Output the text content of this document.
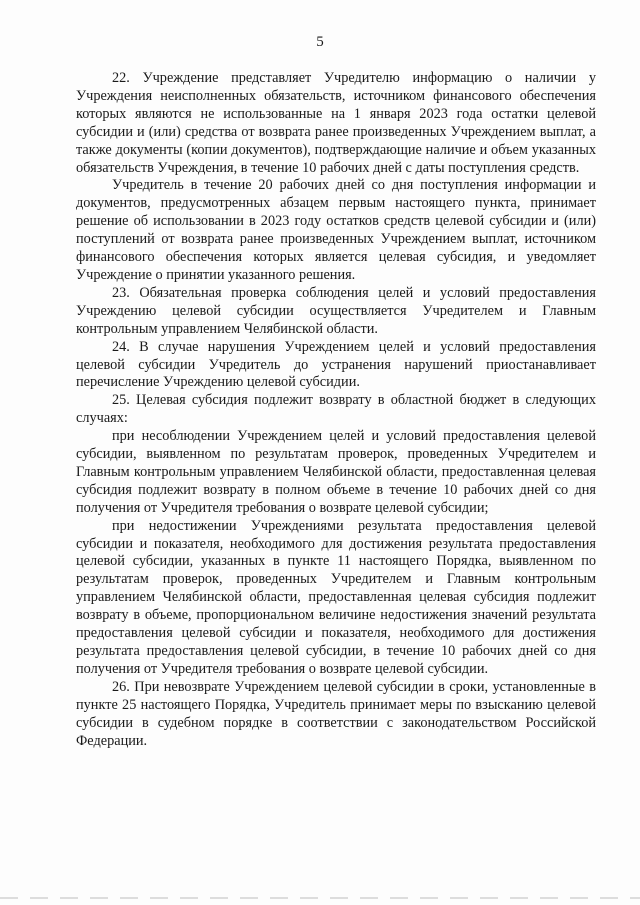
5

22. Учреждение представляет Учредителю информацию о наличии у Учреждения неисполненных обязательств, источником финансового обеспечения которых являются не использованные на 1 января 2023 года остатки целевой субсидии и (или) средства от возврата ранее произведенных Учреждением выплат, а также документы (копии документов), подтверждающие наличие и объем указанных обязательств Учреждения, в течение 10 рабочих дней с даты поступления средств.

Учредитель в течение 20 рабочих дней со дня поступления информации и документов, предусмотренных абзацем первым настоящего пункта, принимает решение об использовании в 2023 году остатков средств целевой субсидии и (или) поступлений от возврата ранее произведенных Учреждением выплат, источником финансового обеспечения которых является целевая субсидия, и уведомляет Учреждение о принятии указанного решения.

23. Обязательная проверка соблюдения целей и условий предоставления Учреждению целевой субсидии осуществляется Учредителем и Главным контрольным управлением Челябинской области.

24. В случае нарушения Учреждением целей и условий предоставления целевой субсидии Учредитель до устранения нарушений приостанавливает перечисление Учреждению целевой субсидии.

25. Целевая субсидия подлежит возврату в областной бюджет в следующих случаях:

при несоблюдении Учреждением целей и условий предоставления целевой субсидии, выявленном по результатам проверок, проведенных Учредителем и Главным контрольным управлением Челябинской области, предоставленная целевая субсидия подлежит возврату в полном объеме в течение 10 рабочих дней со дня получения от Учредителя требования о возврате целевой субсидии;

при недостижении Учреждениями результата предоставления целевой субсидии и показателя, необходимого для достижения результата предоставления целевой субсидии, указанных в пункте 11 настоящего Порядка, выявленном по результатам проверок, проведенных Учредителем и Главным контрольным управлением Челябинской области, предоставленная целевая субсидия подлежит возврату в объеме, пропорциональном величине недостижения значений результата предоставления целевой субсидии и показателя, необходимого для достижения результата предоставления целевой субсидии, в течение 10 рабочих дней со дня получения от Учредителя требования о возврате целевой субсидии.

26. При невозврате Учреждением целевой субсидии в сроки, установленные в пункте 25 настоящего Порядка, Учредитель принимает меры по взысканию целевой субсидии в судебном порядке в соответствии с законодательством Российской Федерации.
